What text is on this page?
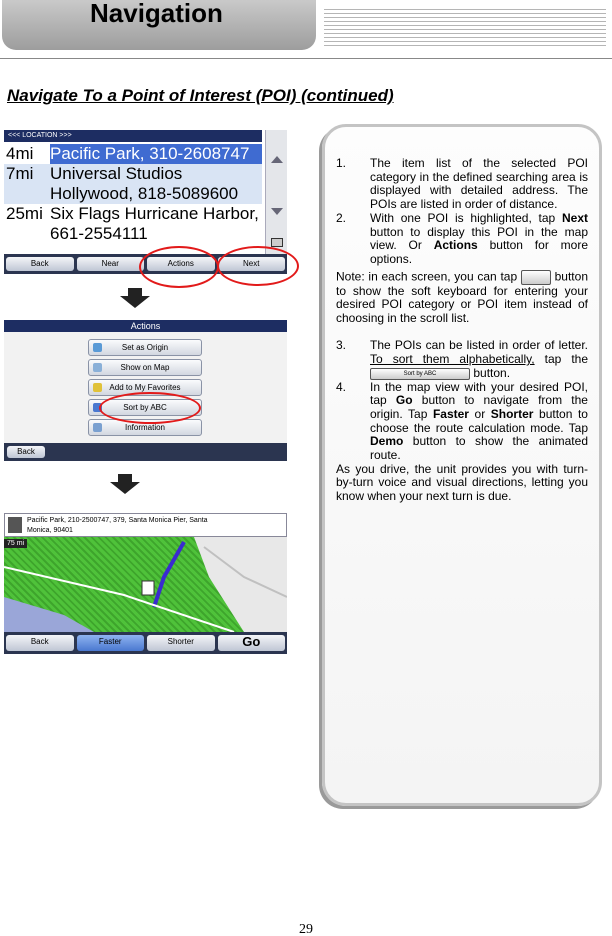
Navigation
Navigate To a Point of Interest (POI) (continued)
<<< LOCATION >>>
4mi Pacific Park, 310-2608747
7mi Universal Studios
Hollywood, 818-5089600
25mi Six Flags Hurricane Harbor,
661-2554111
Back	Near	Actions	Next
Actions
Set as Origin
Show on Map
Add to My Favorites
Sort by ABC
Information
Back
Pacific Park, 210-2500747, 379, Santa Monica Pier, Santa
Monica, 90401
75 mi
Back	Faster	Shorter	Go
1.	The item list of the selected POI category in the defined searching area is displayed with detailed address. The POIs are listed in order of distance.
2.	With one POI is highlighted, tap Next button to display this POI in the map view. Or Actions button for more options.
Note: in each screen, you can tap	button to show the soft keyboard for entering your desired POI category or POI item instead of choosing in the scroll list.
3.	The POIs can be listed in order of letter. To sort them alphabetically, tap the Sort by ABC	button.
4.	In the map view with your desired POI, tap Go button to navigate from the origin. Tap Faster or Shorter button to choose the route calculation mode. Tap Demo button to show the animated route.
As you drive, the unit provides you with turn-by-turn voice and visual directions, letting you know when your next turn is due.
29
